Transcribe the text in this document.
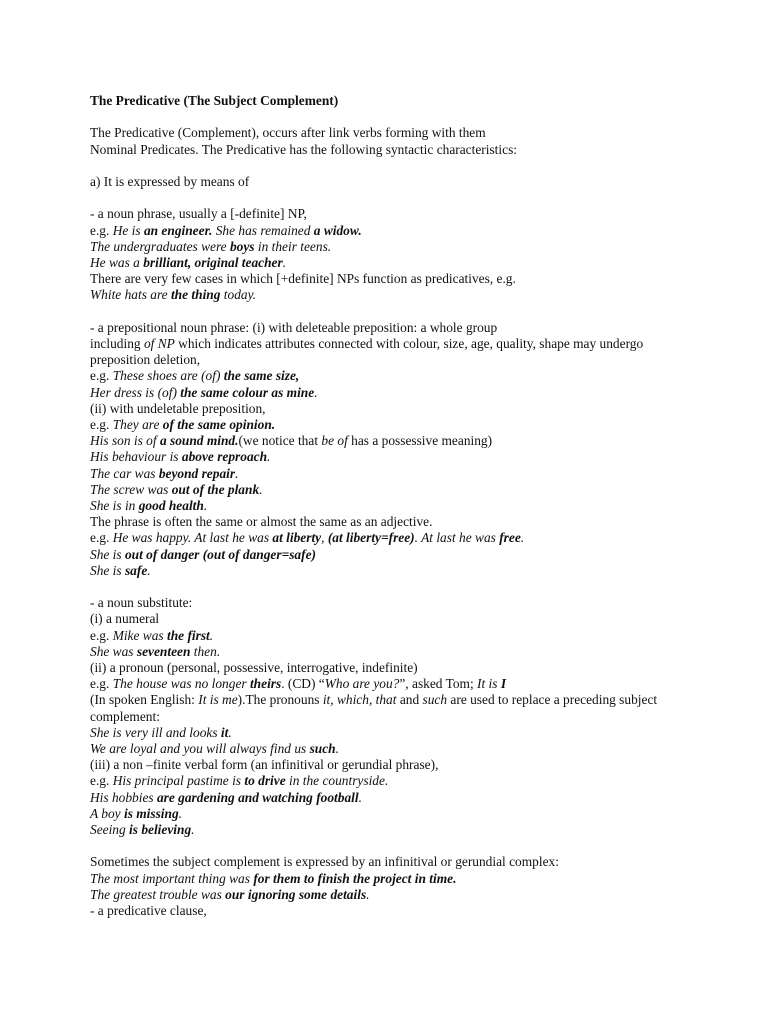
The Predicative (The Subject Complement)
The Predicative (Complement), occurs after link verbs forming with them
Nominal Predicates. The Predicative has the following syntactic characteristics:
a) It is expressed by means of
- a noun phrase, usually a [-definite] NP,
e.g. He is an engineer. She has remained a widow.
The undergraduates were boys in their teens.
He was a brilliant, original teacher.
There are very few cases in which [+definite] NPs function as predicatives, e.g.
White hats are the thing today.
- a prepositional noun phrase: (i) with deleteable preposition: a whole group
including of NP which indicates attributes connected with colour, size, age, quality, shape may undergo
preposition deletion,
e.g. These shoes are (of) the same size,
Her dress is (of) the same colour as mine.
(ii) with undeletable preposition,
e.g. They are of the same opinion.
His son is of a sound mind.(we notice that be of has a possessive meaning)
His behaviour is above reproach.
The car was beyond repair.
The screw was out of the plank.
She is in good health.
The phrase is often the same or almost the same as an adjective.
e.g. He was happy. At last he was at liberty, (at liberty=free). At last he was free.
She is out of danger (out of danger=safe)
She is safe.
- a noun substitute:
(i) a numeral
e.g. Mike was the first.
She was seventeen then.
(ii) a pronoun (personal, possessive, interrogative, indefinite)
e.g. The house was no longer theirs. (CD) “Who are you?”, asked Tom; It is I
(In spoken English: It is me).The pronouns it, which, that and such are used to replace a preceding subject
complement:
She is very ill and looks it.
We are loyal and you will always find us such.
(iii) a non –finite verbal form (an infinitival or gerundial phrase),
e.g. His principal pastime is to drive in the countryside.
His hobbies are gardening and watching football.
A boy is missing.
Seeing is believing.
Sometimes the subject complement is expressed by an infinitival or gerundial complex:
The most important thing was for them to finish the project in time.
The greatest trouble was our ignoring some details.
- a predicative clause,
